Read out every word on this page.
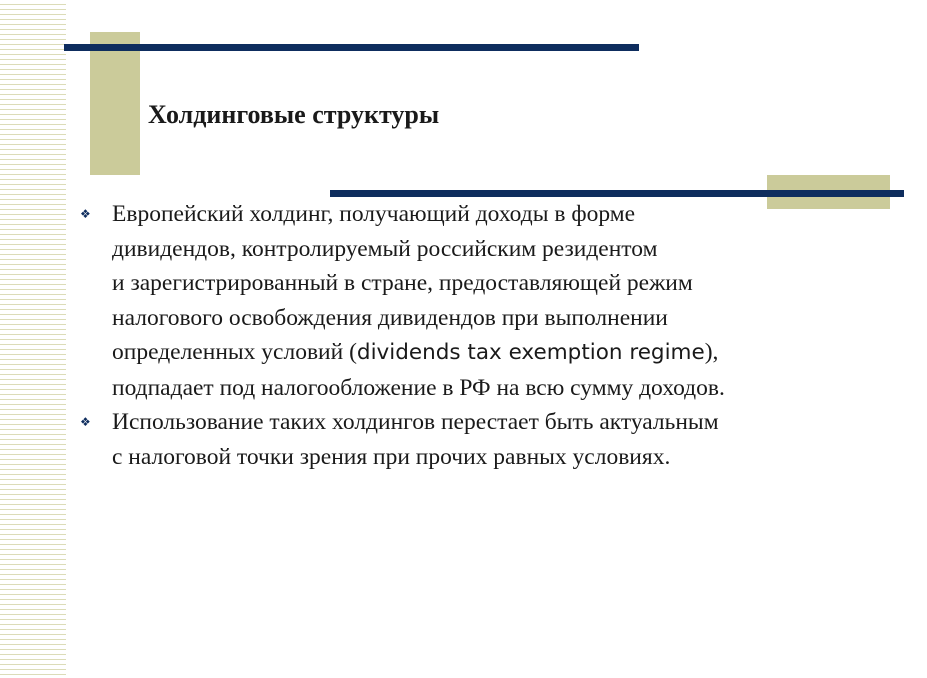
Холдинговые структуры
❖ Европейский холдинг, получающий доходы в форме
дивидендов, контролируемый российским резидентом
и зарегистрированный в стране, предоставляющей режим
налогового освобождения дивидендов при выполнении
определенных условий (dividends tax exemption regime),
подпадает под налогообложение в РФ на всю сумму доходов.
❖ Использование таких холдингов перестает быть актуальным
с налоговой точки зрения при прочих равных условиях.
